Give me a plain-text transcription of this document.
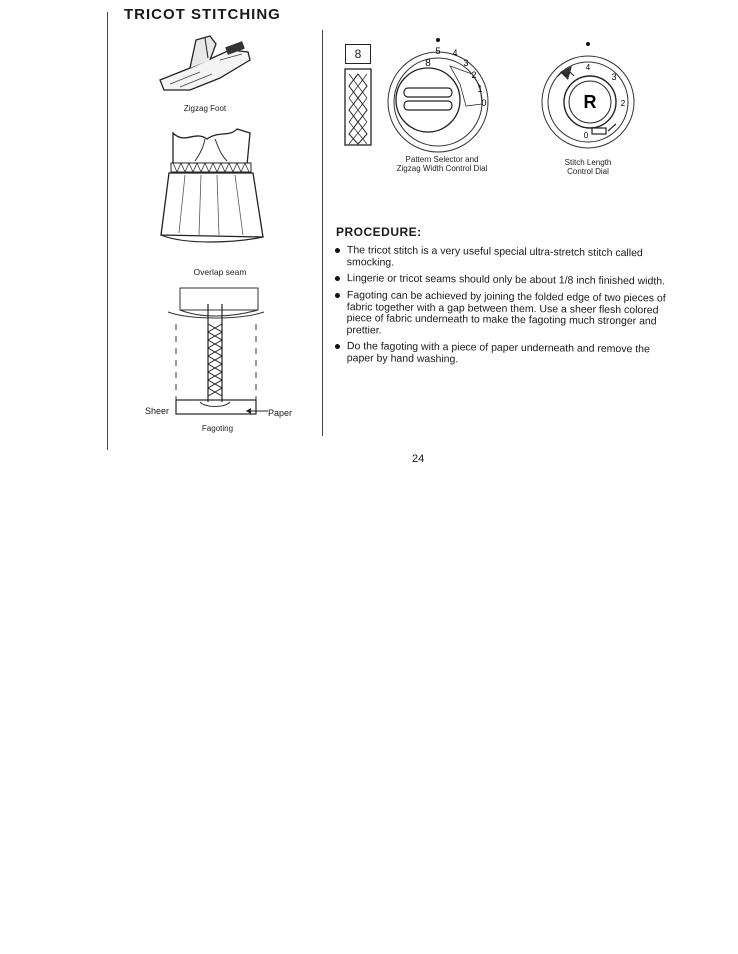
TRICOT STITCHING
Zigzag Foot
Overlap seam
Sheer	Paper
Fagoting
8	5 4
3
2
1
0
8
Pattern Selector and
Zigzag Width Control Dial
R
4
3
2
0
Stitch Length
Control Dial
PROCEDURE:
The tricot stitch is a very useful special ultra-stretch stitch called smocking.
Lingerie or tricot seams should only be about 1/8 inch finished width.
Fagoting can be achieved by joining the folded edge of two pieces of fabric together with a gap between them. Use a sheer flesh colored piece of fabric underneath to make the fagoting much stronger and prettier.
Do the fagoting with a piece of paper underneath and remove the paper by hand washing.
24
